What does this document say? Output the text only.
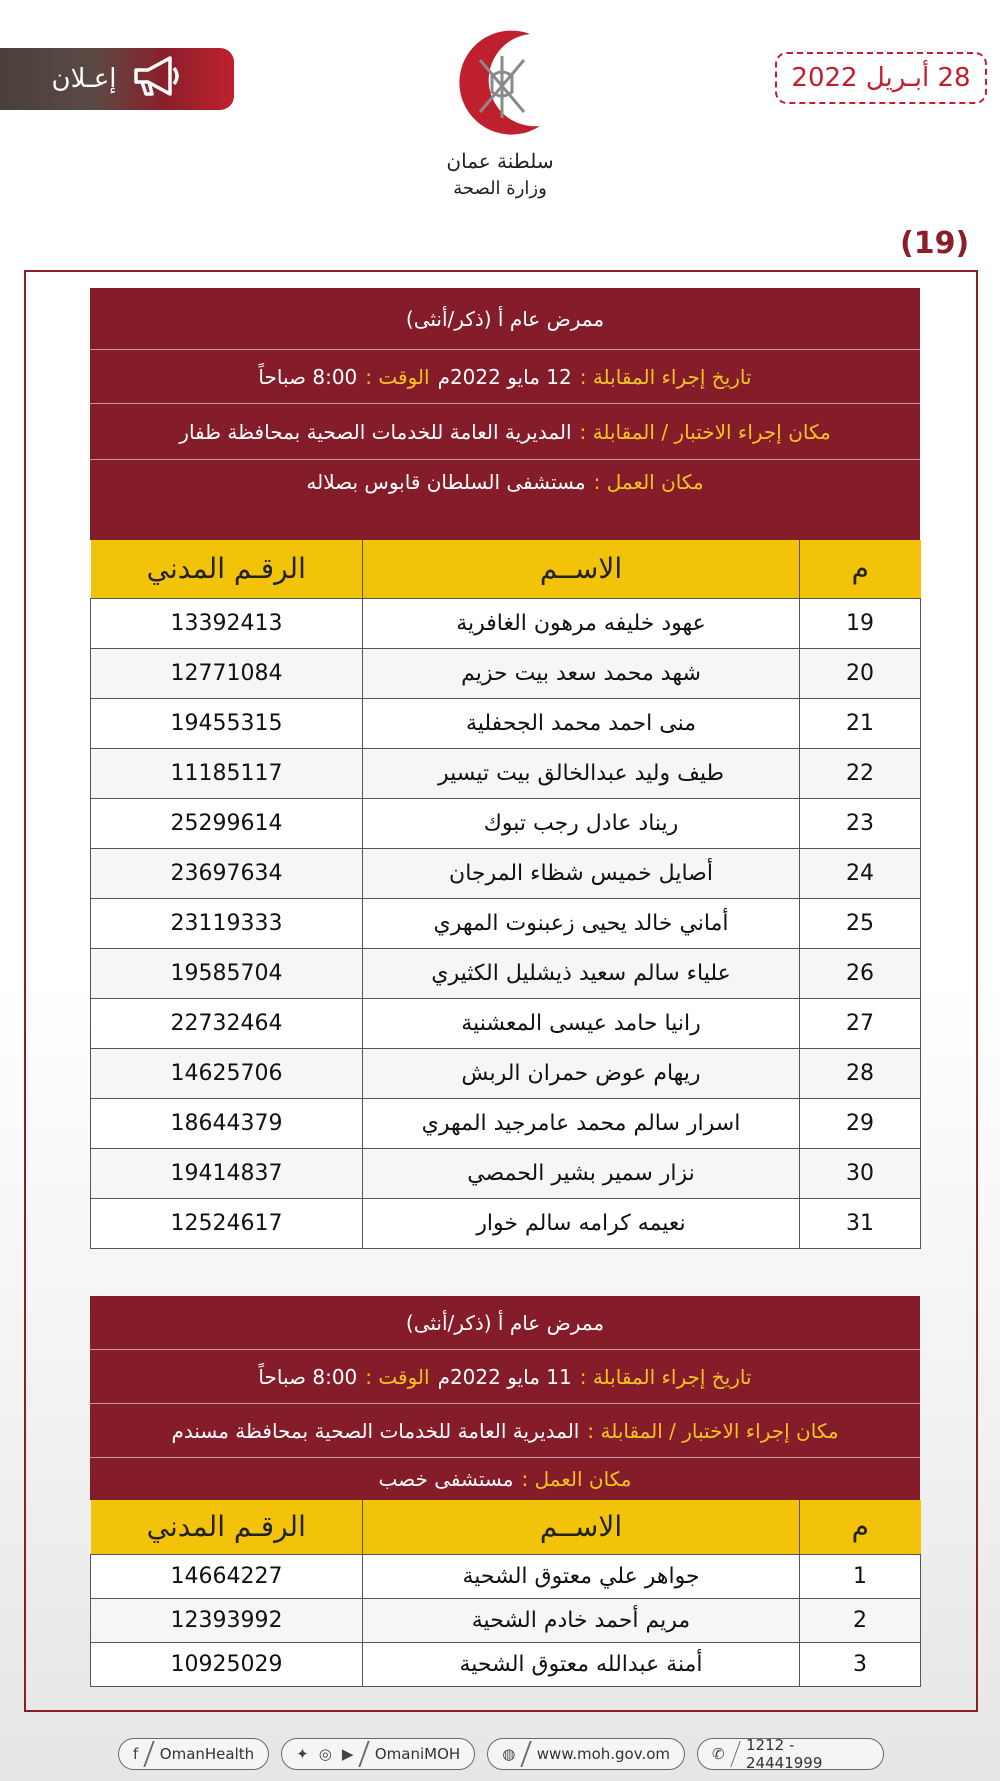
إعـلان
سلطنة عمان
وزارة الصحة
28 أبـريل 2022
(19)
ممرض عام أ (ذكر/أنثى)
تاريخ إجراء المقابلة :
12 مايو 2022م
الوقت :
8:00 صباحاً
مكان إجراء الاختبار / المقابلة :
المديرية العامة للخدمات الصحية بمحافظة ظفار
مكان العمل :
مستشفى السلطان قابوس بصلاله
م	الاســم	الرقـم المدني
19	عهود خليفه مرهون الغافرية	13392413
20	شهد محمد سعد بيت حزيم	12771084
21	منى احمد محمد الجحفلية	19455315
22	طيف وليد عبدالخالق بيت تيسير	11185117
23	ريناد عادل رجب تبوك	25299614
24	أصايل خميس شظاء المرجان	23697634
25	أماني خالد يحيى زعبنوت المهري	23119333
26	علياء سالم سعيد ذيشليل الكثيري	19585704
27	رانيا حامد عيسى المعشنية	22732464
28	ريهام عوض حمران الربش	14625706
29	اسرار سالم محمد عامرجيد المهري	18644379
30	نزار سمير بشير الحمصي	19414837
31	نعيمه كرامه سالم خوار	12524617
ممرض عام أ (ذكر/أنثى)
تاريخ إجراء المقابلة :
11 مايو 2022م
الوقت :
8:00 صباحاً
مكان إجراء الاختبار / المقابلة :
المديرية العامة للخدمات الصحية بمحافظة مسندم
مكان العمل :
مستشفى خصب
م	الاســم	الرقـم المدني
1	جواهر علي معتوق الشحية	14664227
2	مريم أحمد خادم الشحية	12393992
3	أمنة عبدالله معتوق الشحية	10925029
f OmanHealth	✦ ◎ ▶ OmaniMOH	◍ www.moh.gov.om	✆ 1212 - 24441999
